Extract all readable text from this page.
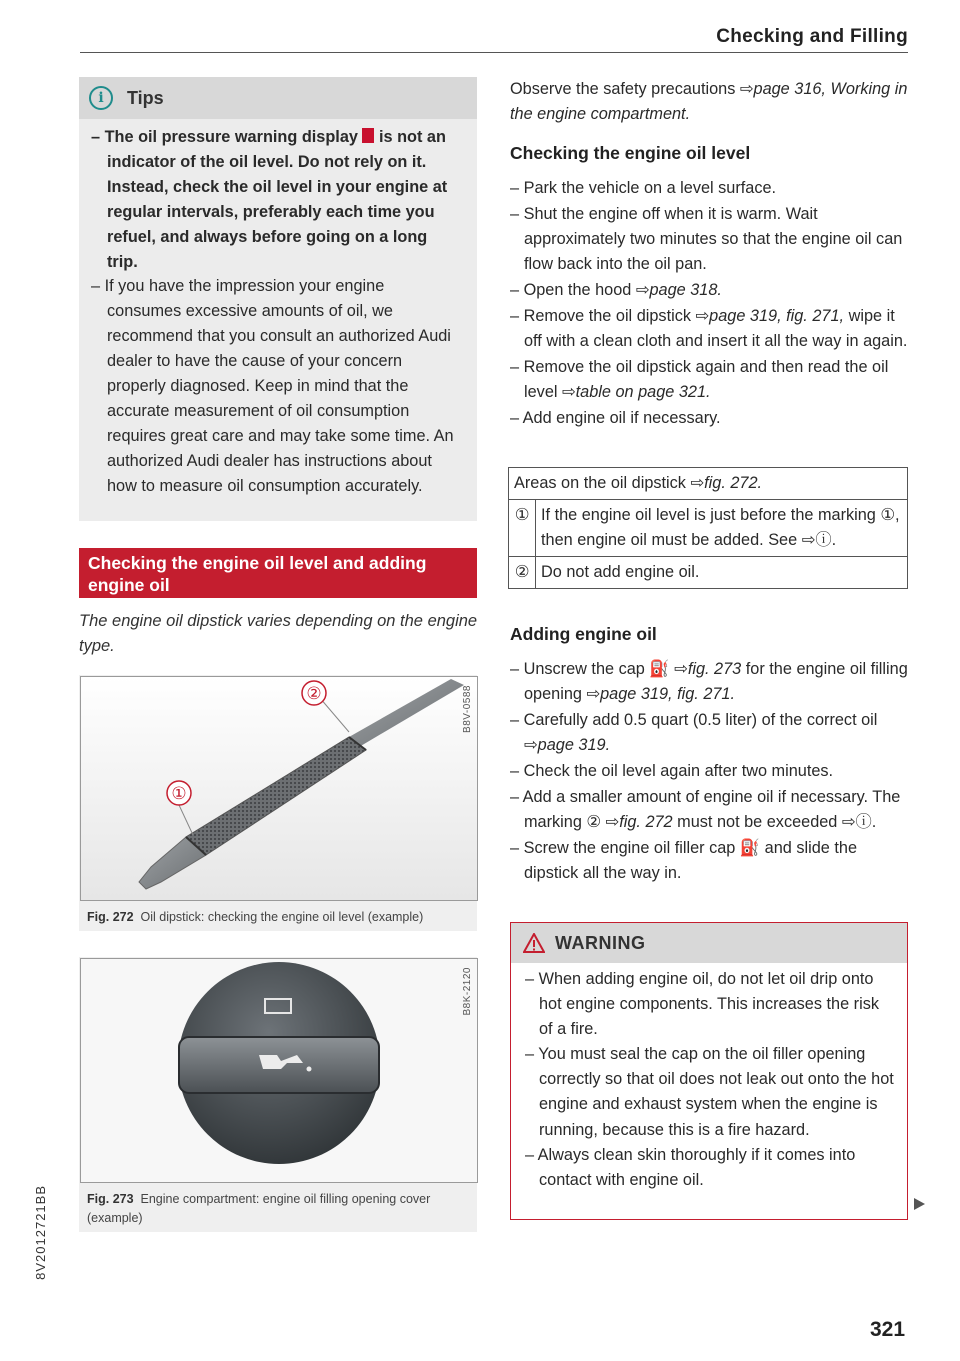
Checking and Filling
i	Tips

– The oil pressure warning display is not an indicator of the oil level. Do not rely on it. Instead, check the oil level in your engine at regular intervals, preferably each time you refuel, and always before going on a long trip.

– If you have the impression your engine consumes excessive amounts of oil, we recommend that you consult an authorized Audi dealer to have the cause of your concern properly diagnosed. Keep in mind that the accurate measurement of oil consumption requires great care and may take some time. An authorized Audi dealer has instructions about how to measure oil consumption accurately.

Checking the engine oil level and adding engine oil
The engine oil dipstick varies depending on the engine type.
②
①
B8V-0588
Fig. 272 Oil dipstick: checking the engine oil level (example)
B8K-2120
Fig. 273 Engine compartment: engine oil filling opening cover (example)
8V2012721BB
Observe the safety precautions ⇨page 316, Working in the engine compartment.
Checking the engine oil level
– Park the vehicle on a level surface.
– Shut the engine off when it is warm. Wait approximately two minutes so that the engine oil can flow back into the oil pan.
– Open the hood ⇨page 318.
– Remove the oil dipstick ⇨page 319, fig. 271, wipe it off with a clean cloth and insert it all the way in again.
– Remove the oil dipstick again and then read the oil level ⇨table on page 321.
– Add engine oil if necessary.
Areas on the oil dipstick ⇨fig. 272.	
①	If the engine oil level is just before the marking ①, then engine oil must be added. See ⇨ⓘ.
②	Do not add engine oil.
Adding engine oil
– Unscrew the cap ⛽ ⇨fig. 273 for the engine oil filling opening ⇨page 319, fig. 271.
– Carefully add 0.5 quart (0.5 liter) of the correct oil ⇨page 319.
– Check the oil level again after two minutes.
– Add a smaller amount of engine oil if necessary. The marking ② ⇨fig. 272 must not be exceeded ⇨ⓘ.
– Screw the engine oil filler cap ⛽ and slide the dipstick all the way in.
WARNING
– When adding engine oil, do not let oil drip onto hot engine components. This increases the risk of a fire.
– You must seal the cap on the oil filler opening correctly so that oil does not leak out onto the hot engine and exhaust system when the engine is running, because this is a fire hazard.
– Always clean skin thoroughly if it comes into contact with engine oil.
321
